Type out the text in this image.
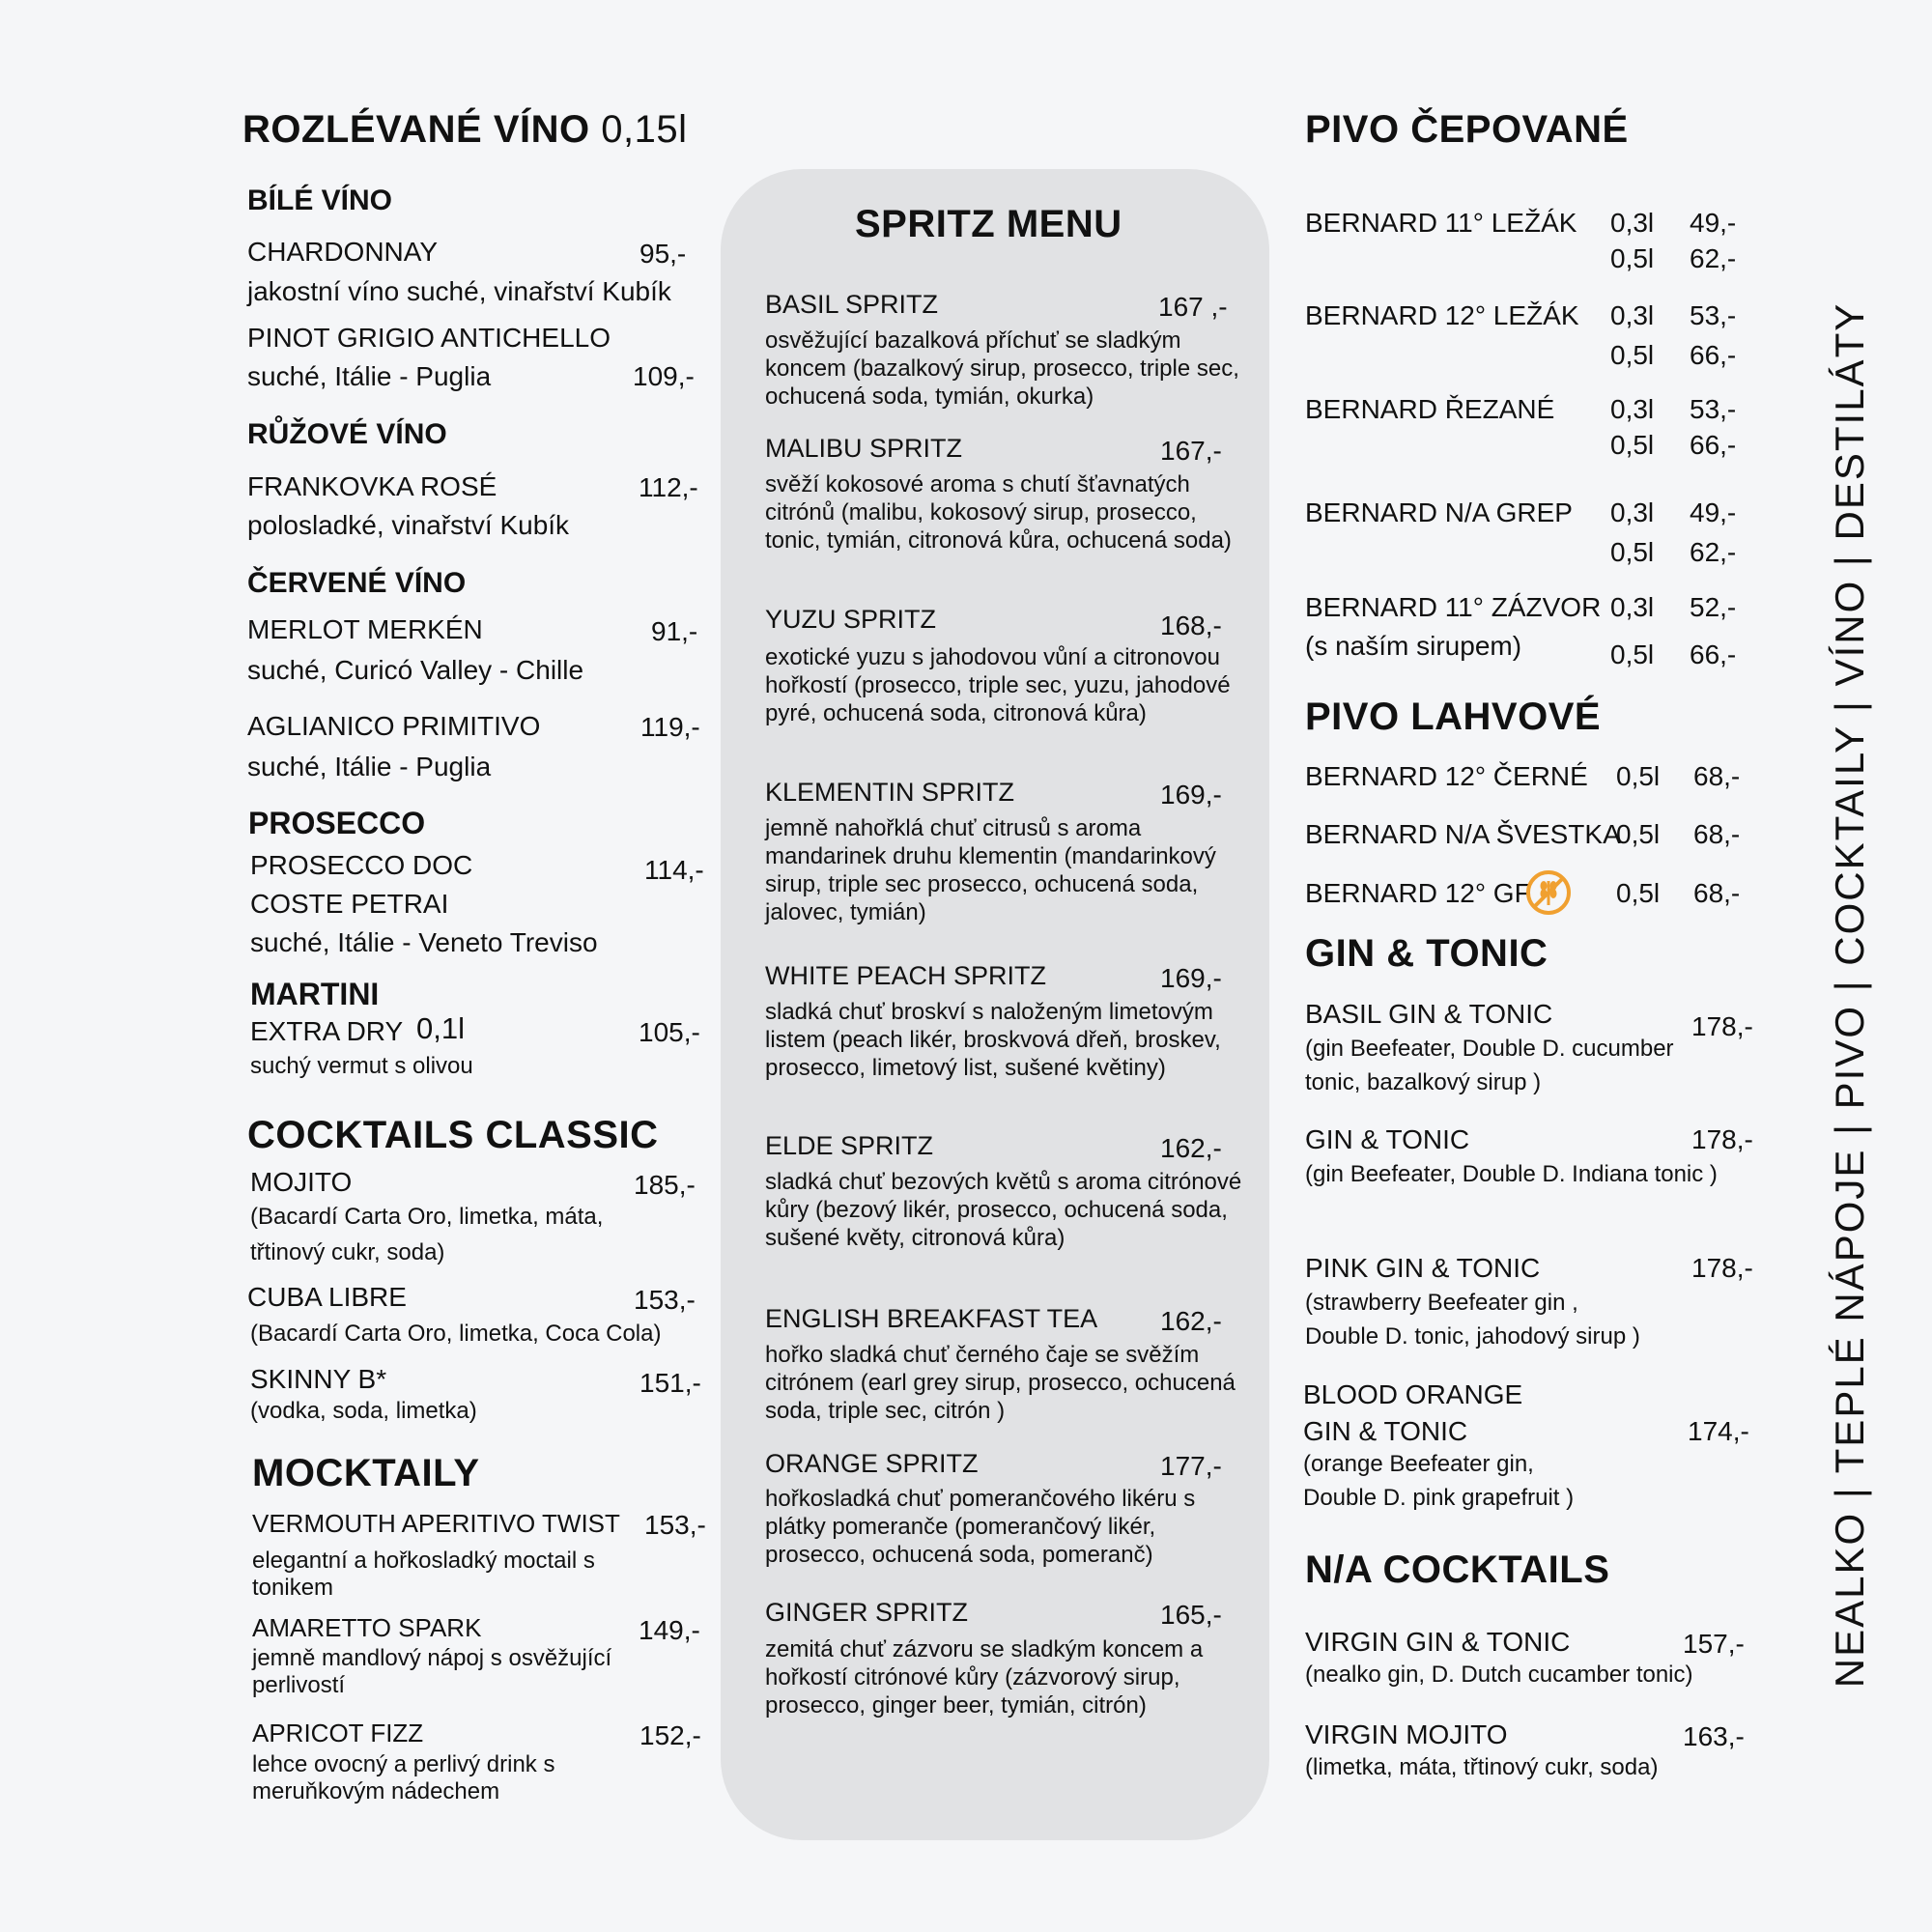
ROZLÉVANÉ VÍNO 0,15l
BÍLÉ VÍNO
CHARDONNAY	95,-
jakostní víno suché, vinařství Kubík
PINOT GRIGIO ANTICHELLO
suché, Itálie - Puglia	109,-
RŮŽOVÉ VÍNO
FRANKOVKA ROSÉ	112,-
polosladké, vinařství Kubík
ČERVENÉ VÍNO
MERLOT MERKÉN	91,-
suché, Curicó Valley - Chille
AGLIANICO PRIMITIVO	119,-
suché, Itálie - Puglia
PROSECCO
PROSECCO DOC	114,-
COSTE PETRAI
suché, Itálie - Veneto Treviso
MARTINI
EXTRA DRY 0,1l	105,-
suchý vermut s olivou
COCKTAILS CLASSIC
MOJITO	185,-
(Bacardí Carta Oro, limetka, máta,
třtinový cukr, soda)
CUBA LIBRE	153,-
(Bacardí Carta Oro, limetka, Coca Cola)
SKINNY B*	151,-
(vodka, soda, limetka)
MOCKTAILY
VERMOUTH APERITIVO TWIST 153,-
elegantní a hořkosladký moctail s tonikem
AMARETTO SPARK	149,-
jemně mandlový nápoj s osvěžující perlivostí
APRICOT FIZZ	152,-
lehce ovocný a perlivý drink s meruňkovým nádechem
SPRITZ MENU
BASIL SPRITZ	167 ,-
osvěžující bazalková příchuť se sladkým koncem (bazalkový sirup, prosecco, triple sec, ochucená soda, tymián, okurka)
MALIBU SPRITZ	167,-
svěží kokosové aroma s chutí šťavnatých citrónů (malibu, kokosový sirup, prosecco, tonic, tymián, citronová kůra, ochucená soda)
YUZU SPRITZ	168,-
exotické yuzu s jahodovou vůní a citronovou hořkostí (prosecco, triple sec, yuzu, jahodové pyré, ochucená soda, citronová kůra)
KLEMENTIN SPRITZ	169,-
jemně nahořklá chuť citrusů s aroma mandarinek druhu klementin (mandarinkový sirup, triple sec prosecco, ochucená soda, jalovec, tymián)
WHITE PEACH SPRITZ	169,-
sladká chuť broskví s naloženým limetovým listem (peach likér, broskvová dřeň, broskev, prosecco, limetový list, sušené květiny)
ELDE SPRITZ	162,-
sladká chuť bezových květů s aroma citrónové kůry (bezový likér, prosecco, ochucená soda, sušené květy, citronová kůra)
ENGLISH BREAKFAST TEA 162,-
hořko sladká chuť černého čaje se svěžím citrónem (earl grey sirup, prosecco, ochucená soda, triple sec, citrón )
ORANGE SPRITZ	177,-
hořkosladká chuť pomerančového likéru s plátky pomeranče (pomerančový likér, prosecco, ochucená soda, pomeranč)
GINGER SPRITZ	165,-
zemitá chuť zázvoru se sladkým koncem a hořkostí citrónové kůry (zázvorový sirup, prosecco, ginger beer, tymián, citrón)
PIVO ČEPOVANÉ
BERNARD 11° LEŽÁK 0,3l 49,-
0,5l 62,-
BERNARD 12° LEŽÁK 0,3l 53,-
0,5l 66,-
BERNARD ŘEZANÉ 0,3l 53,-
0,5l 66,-
BERNARD N/A GREP 0,3l 49,-
0,5l 62,-
BERNARD 11° ZÁZVOR 0,3l 52,-
(s naším sirupem)	0,5l 66,-
PIVO LAHVOVÉ
BERNARD 12° ČERNÉ 0,5l 68,-
BERNARD N/A ŠVESTKA
0,5l 68,-
BERNARD 12° GF	0,5l 68,-
GIN & TONIC
BASIL GIN & TONIC	178,-
(gin Beefeater, Double D. cucumber
tonic, bazalkový sirup )
GIN & TONIC	178,-
(gin Beefeater, Double D. Indiana tonic )
PINK GIN & TONIC	178,-
(strawberry Beefeater gin ,
Double D. tonic, jahodový sirup )
BLOOD ORANGE
GIN & TONIC	174,-
(orange Beefeater gin,
Double D. pink grapefruit )
N/A COCKTAILS
VIRGIN GIN & TONIC	157,-
(nealko gin, D. Dutch cucamber tonic)
VIRGIN MOJITO	163,-
(limetka, máta, třtinový cukr, soda)
NEALKO | TEPLÉ NÁPOJE | PIVO | COCKTAILY | VÍNO | DESTILÁTY
